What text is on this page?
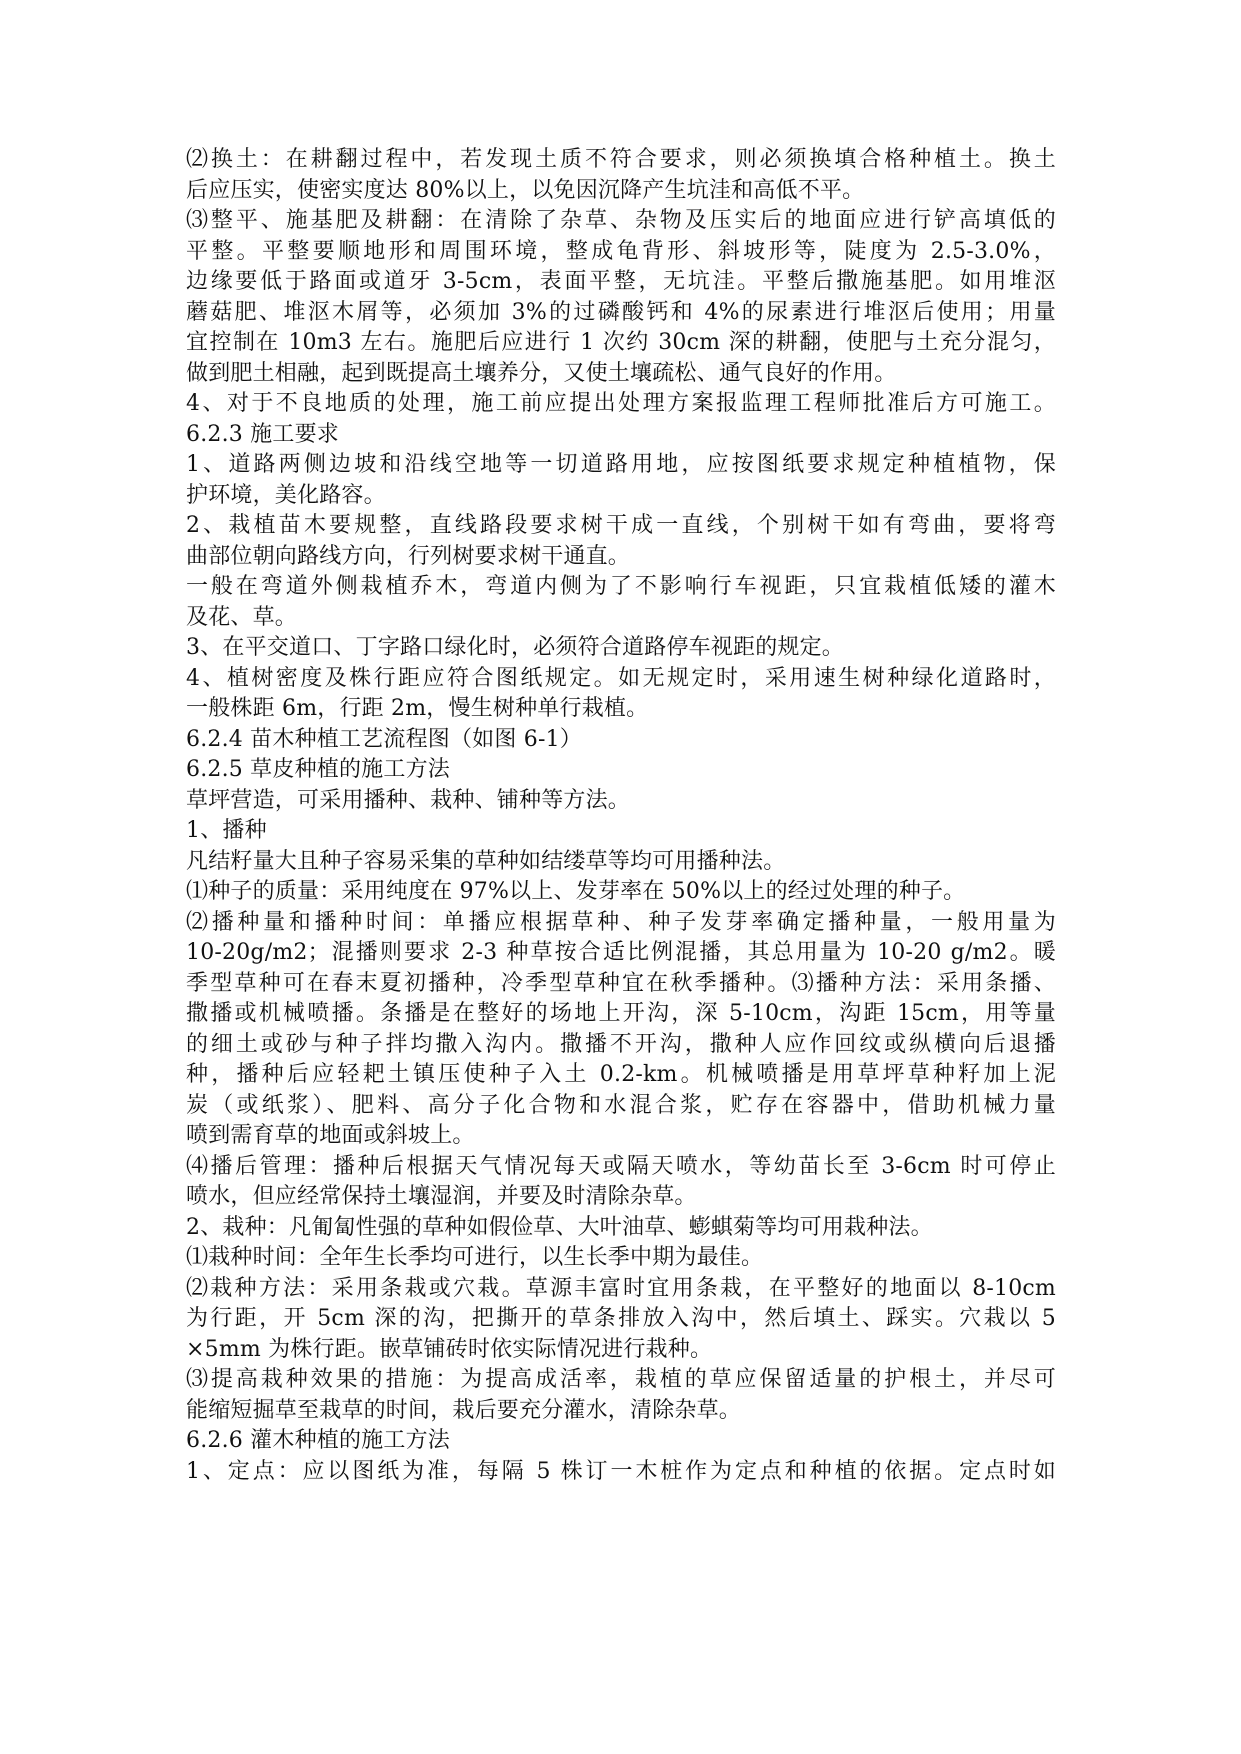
⑵换土：在耕翻过程中，若发现土质不符合要求，则必须换填合格种植土。换土
后应压实，使密实度达 80%以上，以免因沉降产生坑洼和高低不平。
⑶整平、施基肥及耕翻：在清除了杂草、杂物及压实后的地面应进行铲高填低的
平整。平整要顺地形和周围环境，整成龟背形、斜坡形等，陡度为 2.5-3.0%，
边缘要低于路面或道牙 3-5cm，表面平整，无坑洼。平整后撒施基肥。如用堆沤
蘑菇肥、堆沤木屑等，必须加 3%的过磷酸钙和 4%的尿素进行堆沤后使用；用量
宜控制在 10m3 左右。施肥后应进行 1 次约 30cm 深的耕翻，使肥与土充分混匀，
做到肥土相融，起到既提高土壤养分，又使土壤疏松、通气良好的作用。
4、对于不良地质的处理，施工前应提出处理方案报监理工程师批准后方可施工。
6.2.3 施工要求
1、道路两侧边坡和沿线空地等一切道路用地，应按图纸要求规定种植植物，保
护环境，美化路容。
2、栽植苗木要规整，直线路段要求树干成一直线，个别树干如有弯曲，要将弯
曲部位朝向路线方向，行列树要求树干通直。
一般在弯道外侧栽植乔木，弯道内侧为了不影响行车视距，只宜栽植低矮的灌木
及花、草。
3、在平交道口、丁字路口绿化时，必须符合道路停车视距的规定。
4、植树密度及株行距应符合图纸规定。如无规定时，采用速生树种绿化道路时，
一般株距 6m，行距 2m，慢生树种单行栽植。
6.2.4 苗木种植工艺流程图（如图 6-1）
6.2.5 草皮种植的施工方法
草坪营造，可采用播种、栽种、铺种等方法。
1、播种
凡结籽量大且种子容易采集的草种如结缕草等均可用播种法。
⑴种子的质量：采用纯度在 97%以上、发芽率在 50%以上的经过处理的种子。
⑵播种量和播种时间：单播应根据草种、种子发芽率确定播种量，一般用量为
10-20g/m2；混播则要求 2-3 种草按合适比例混播，其总用量为 10-20 g/m2。暖
季型草种可在春末夏初播种，冷季型草种宜在秋季播种。⑶播种方法：采用条播、
撒播或机械喷播。条播是在整好的场地上开沟，深 5-10cm，沟距 15cm，用等量
的细土或砂与种子拌均撒入沟内。撒播不开沟，撒种人应作回纹或纵横向后退播
种，播种后应轻耙土镇压使种子入土 0.2-km。机械喷播是用草坪草种籽加上泥
炭（或纸浆）、肥料、高分子化合物和水混合浆，贮存在容器中，借助机械力量
喷到需育草的地面或斜坡上。
⑷播后管理：播种后根据天气情况每天或隔天喷水，等幼苗长至 3-6cm 时可停止
喷水，但应经常保持土壤湿润，并要及时清除杂草。
2、栽种：凡匍匐性强的草种如假俭草、大叶油草、蟛蜞菊等均可用栽种法。
⑴栽种时间：全年生长季均可进行，以生长季中期为最佳。
⑵栽种方法：采用条栽或穴栽。草源丰富时宜用条栽，在平整好的地面以 8-10cm
为行距，开 5cm 深的沟，把撕开的草条排放入沟中，然后填土、踩实。穴栽以 5
×5mm 为株行距。嵌草铺砖时依实际情况进行栽种。
⑶提高栽种效果的措施：为提高成活率，栽植的草应保留适量的护根土，并尽可
能缩短掘草至栽草的时间，栽后要充分灌水，清除杂草。
6.2.6 灌木种植的施工方法
1、定点：应以图纸为准，每隔 5 株订一木桩作为定点和种植的依据。定点时如
